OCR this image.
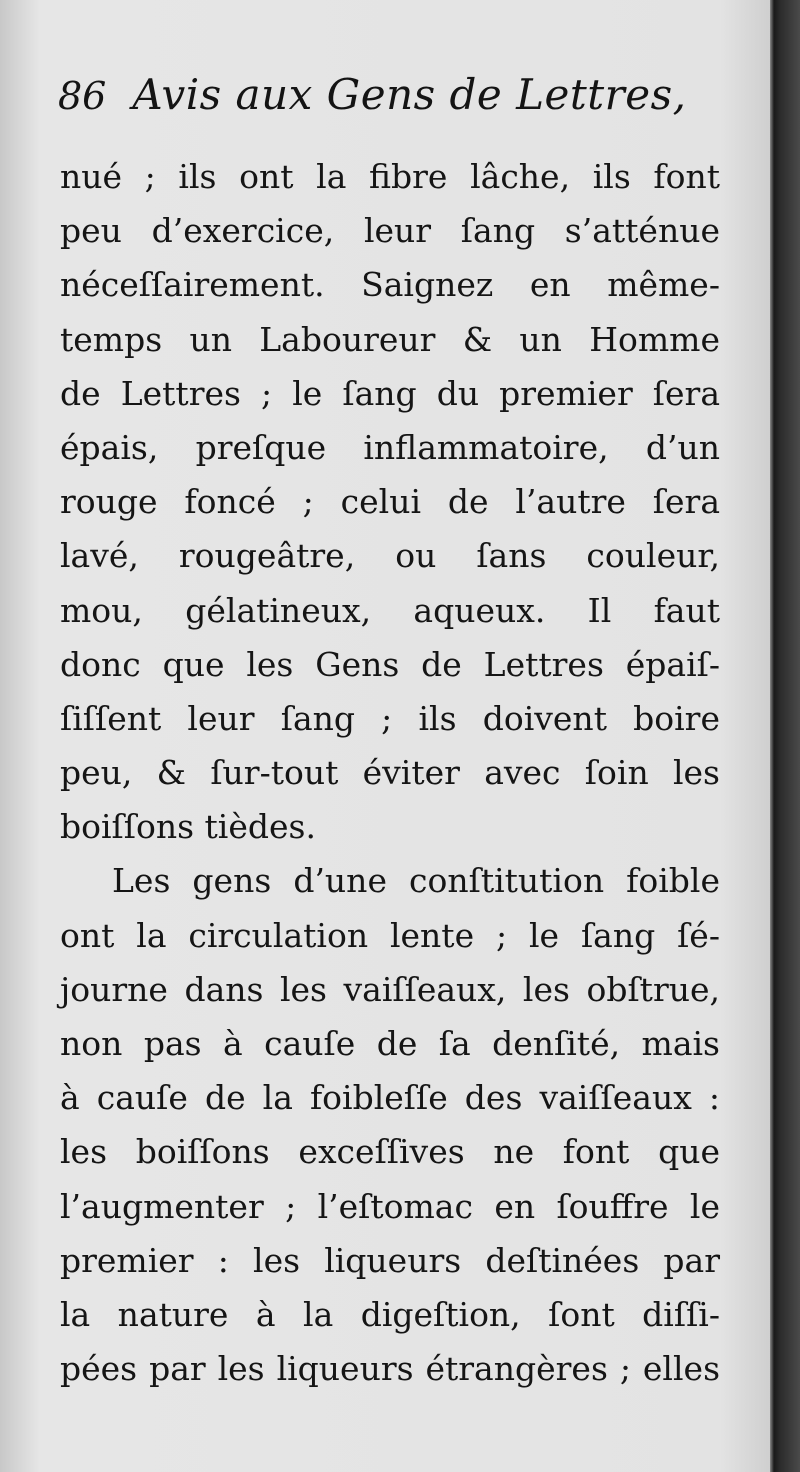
86 Avis aux Gens de Lettres,
nué ; ils ont la fibre lâche, ils font
peu d’exercice, leur ſang s’atténue
néceſſairement. Saignez en même-
temps un Laboureur & un Homme
de Lettres ; le ſang du premier ſera
épais, preſque inflammatoire, d’un
rouge foncé ; celui de l’autre ſera
lavé, rougeâtre, ou ſans couleur,
mou, gélatineux, aqueux. Il faut
donc que les Gens de Lettres épaiſ-
ſiſſent leur ſang ; ils doivent boire
peu, & ſur-tout éviter avec ſoin les
boiſſons tièdes.
Les gens d’une conſtitution foible
ont la circulation lente ; le ſang ſé-
journe dans les vaiſſeaux, les obſtrue,
non pas à cauſe de ſa denſité, mais
à cauſe de la foibleſſe des vaiſſeaux :
les boiſſons exceſſives ne font que
l’augmenter ; l’eſtomac en ſouffre le
premier : les liqueurs deſtinées par
la nature à la digeſtion, ſont diſſi-
pées par les liqueurs étrangères ; elles
